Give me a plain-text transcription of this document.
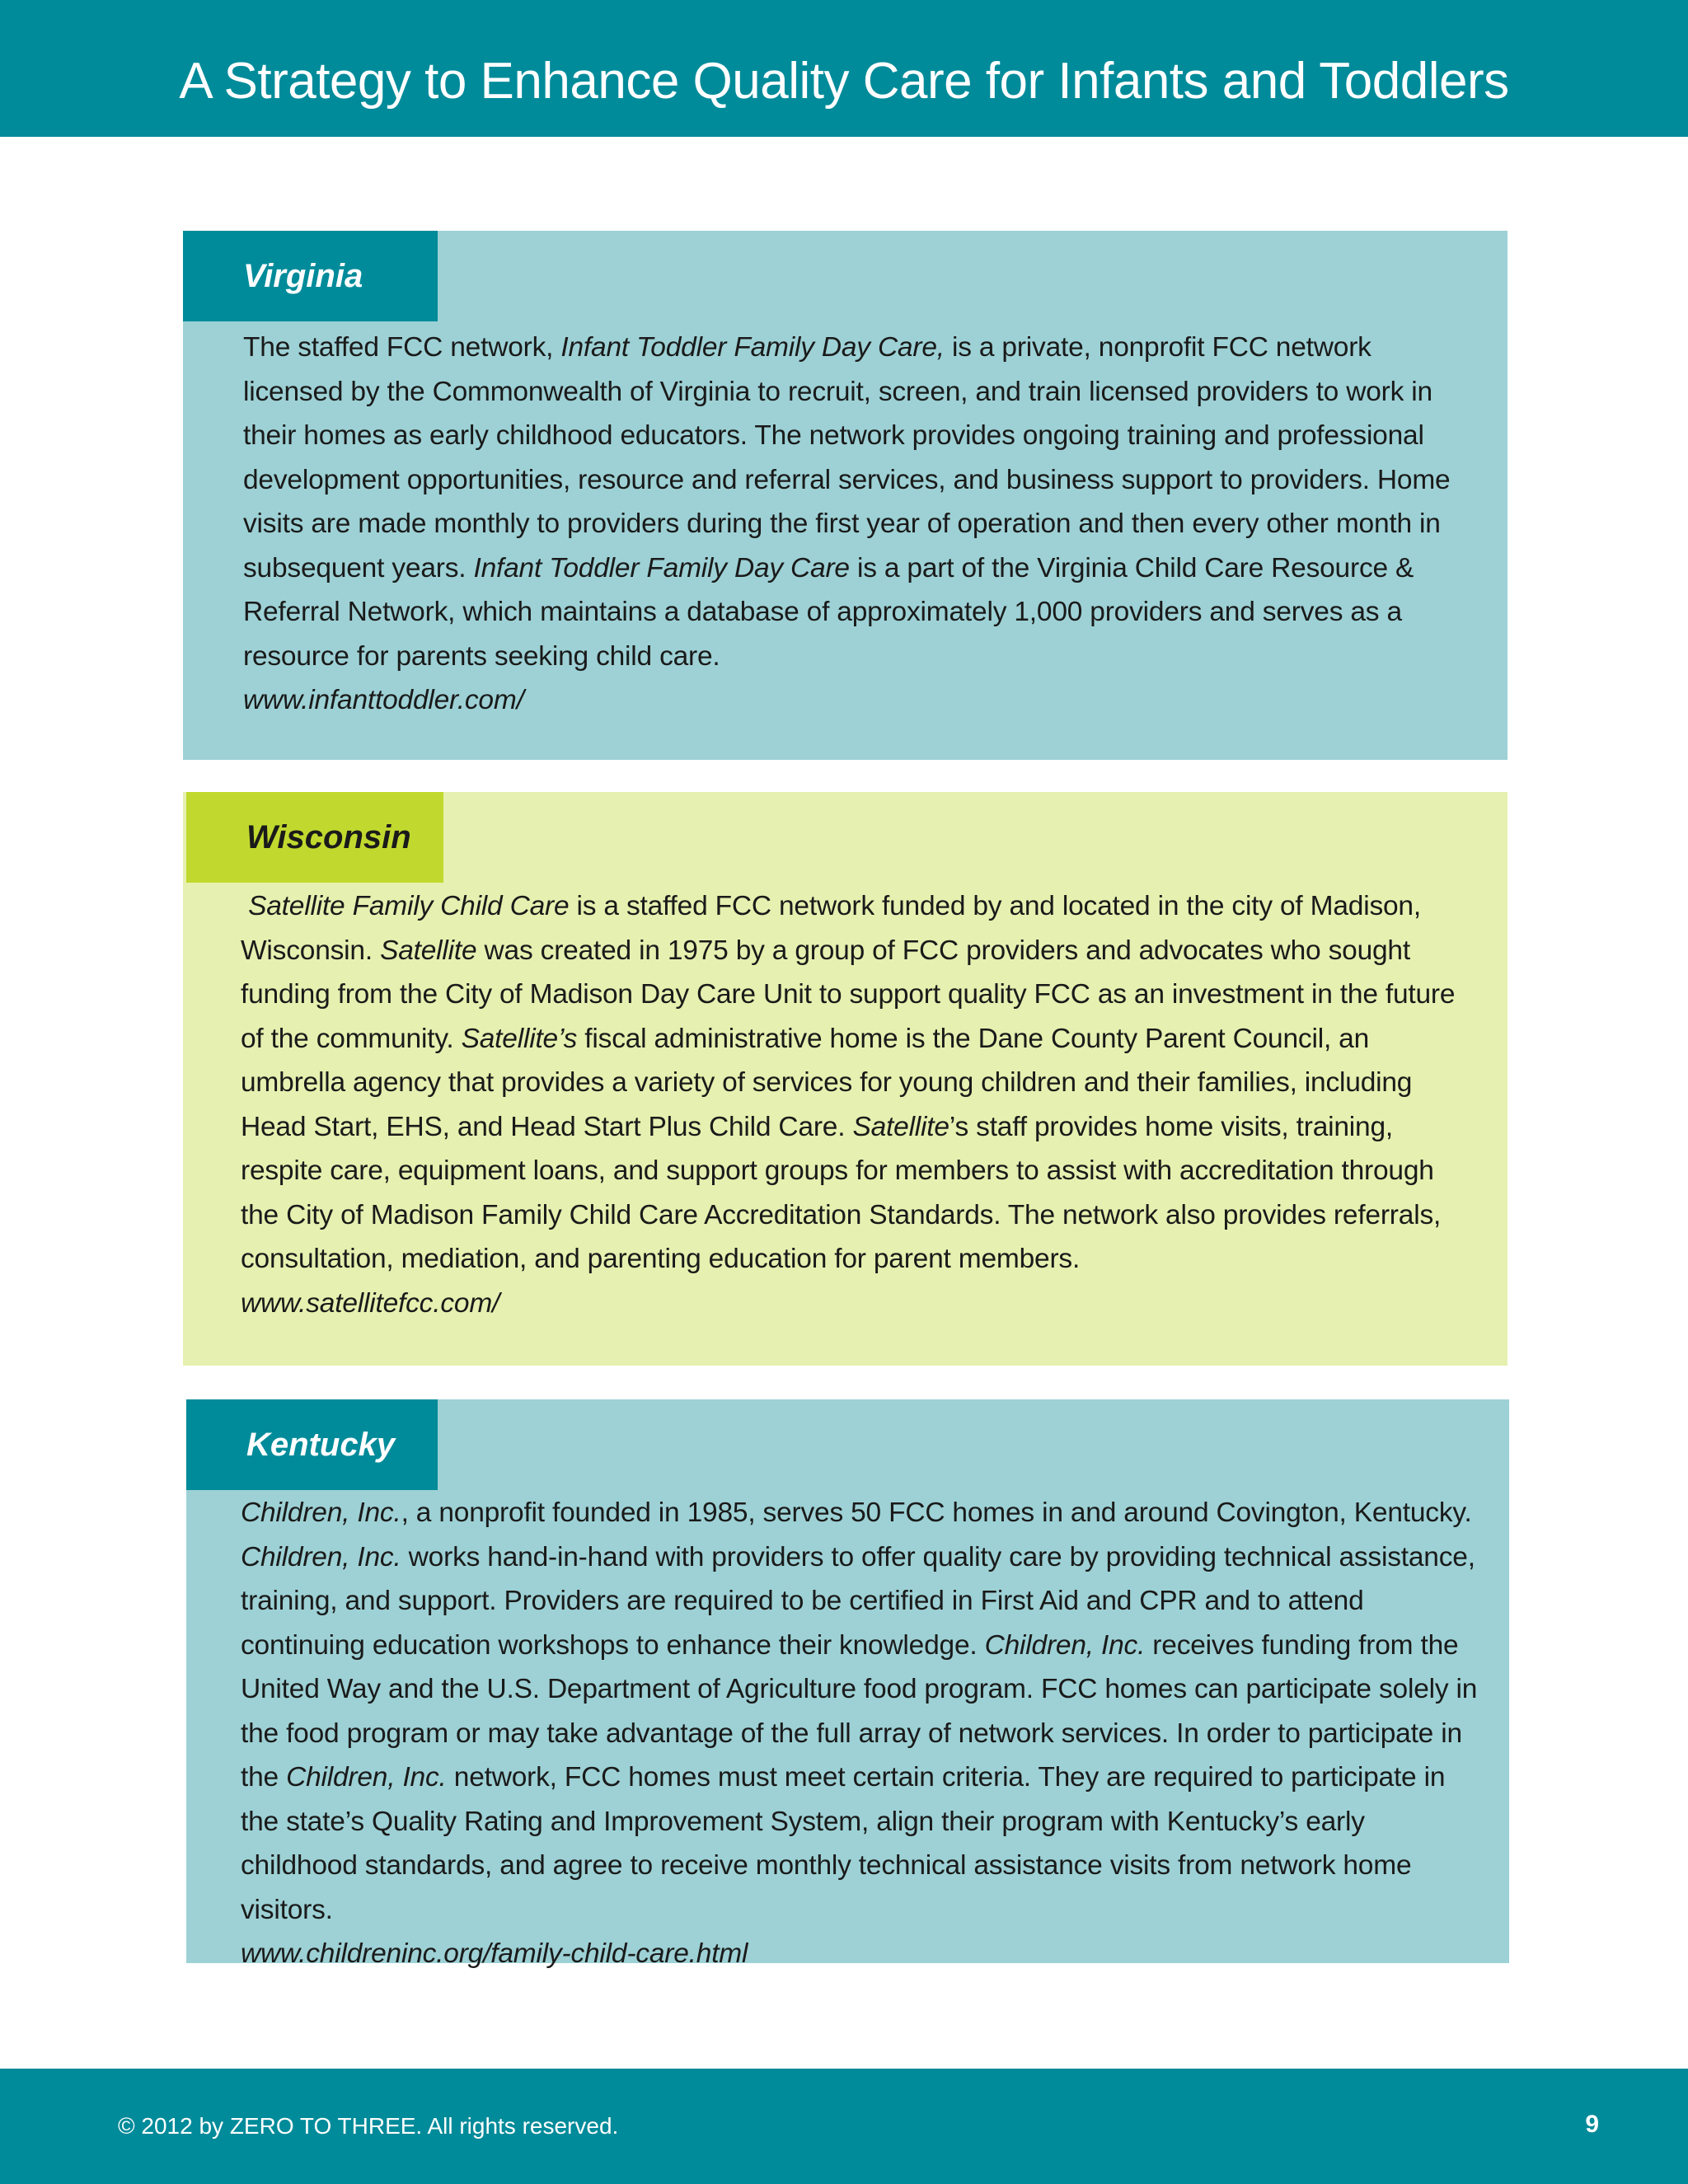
A Strategy to Enhance Quality Care for Infants and Toddlers
Virginia

The staffed FCC network, Infant Toddler Family Day Care, is a private, nonprofit FCC network licensed by the Commonwealth of Virginia to recruit, screen, and train licensed providers to work in their homes as early childhood educators. The network provides ongoing training and professional development opportunities, resource and referral services, and business support to providers. Home visits are made monthly to providers during the first year of operation and then every other month in subsequent years. Infant Toddler Family Day Care is a part of the Virginia Child Care Resource & Referral Network, which maintains a database of approximately 1,000 providers and serves as a resource for parents seeking child care.
www.infanttoddler.com/

Wisconsin

Satellite Family Child Care is a staffed FCC network funded by and located in the city of Madison, Wisconsin. Satellite was created in 1975 by a group of FCC providers and advocates who sought funding from the City of Madison Day Care Unit to support quality FCC as an investment in the future of the community. Satellite’s fiscal administrative home is the Dane County Parent Council, an umbrella agency that provides a variety of services for young children and their families, including Head Start, EHS, and Head Start Plus Child Care. Satellite’s staff provides home visits, training, respite care, equipment loans, and support groups for members to assist with accreditation through the City of Madison Family Child Care Accreditation Standards. The network also provides referrals, consultation, mediation, and parenting education for parent members.
www.satellitefcc.com/

Kentucky

Children, Inc., a nonprofit founded in 1985, serves 50 FCC homes in and around Covington, Kentucky. Children, Inc. works hand-in-hand with providers to offer quality care by providing technical assistance, training, and support. Providers are required to be certified in First Aid and CPR and to attend continuing education workshops to enhance their knowledge. Children, Inc. receives funding from the United Way and the U.S. Department of Agriculture food program. FCC homes can participate solely in the food program or may take advantage of the full array of network services. In order to participate in the Children, Inc. network, FCC homes must meet certain criteria. They are required to participate in the state’s Quality Rating and Improvement System, align their program with Kentucky’s early childhood standards, and agree to receive monthly technical assistance visits from network home visitors.
www.childreninc.org/family-child-care.html

© 2012 by ZERO TO THREE. All rights reserved.	9
